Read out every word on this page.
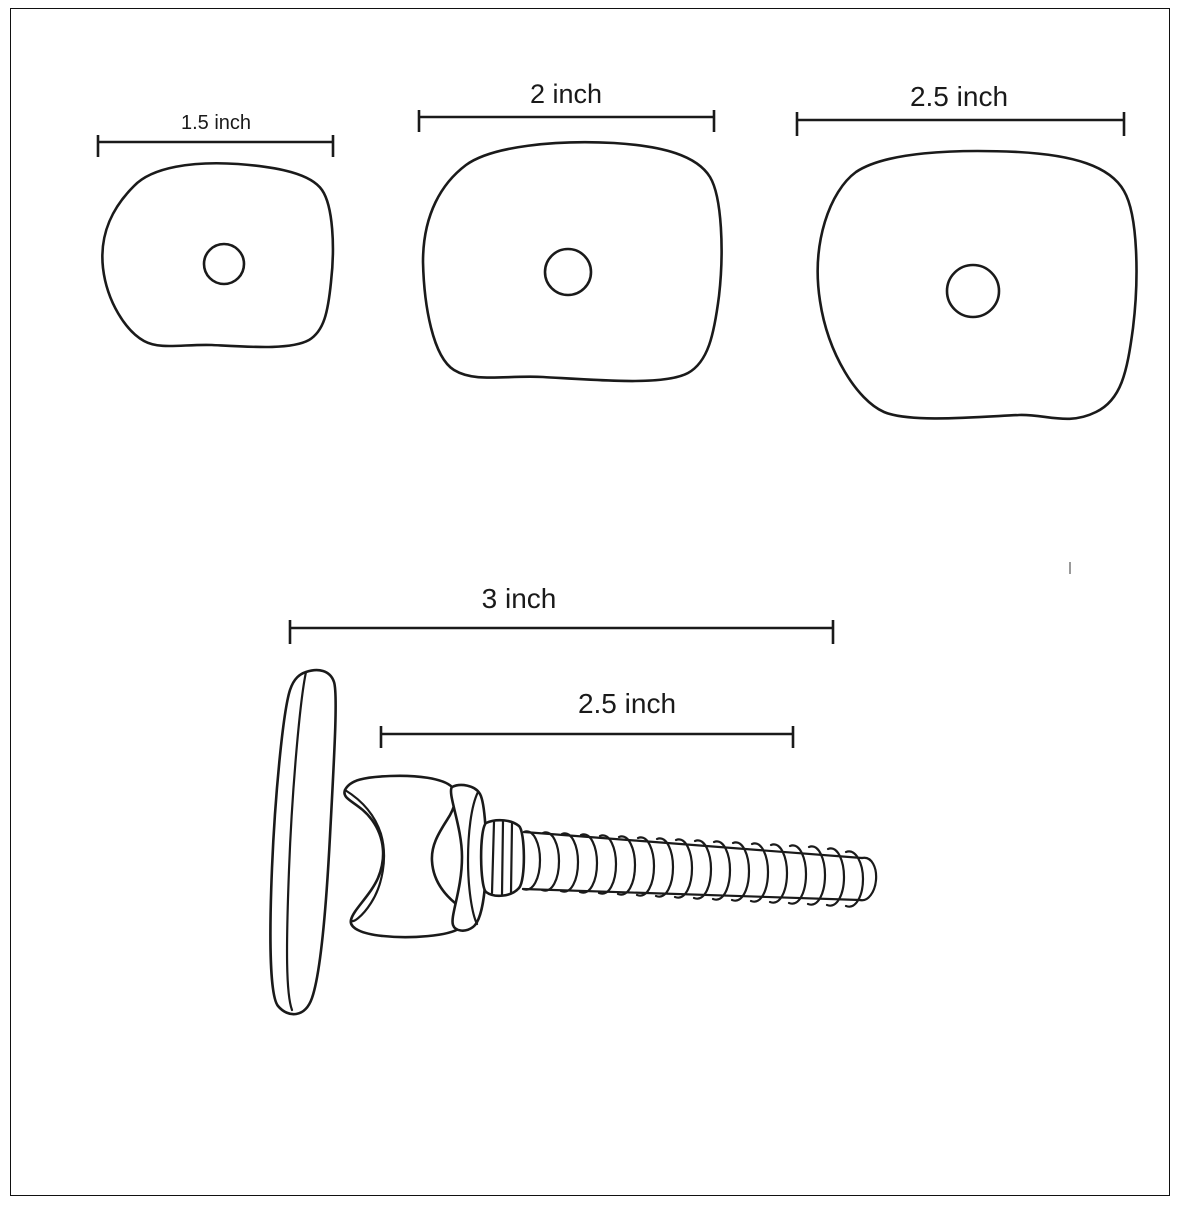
1.5 inch
2 inch	2.5 inch
3 inch
2.5 inch
